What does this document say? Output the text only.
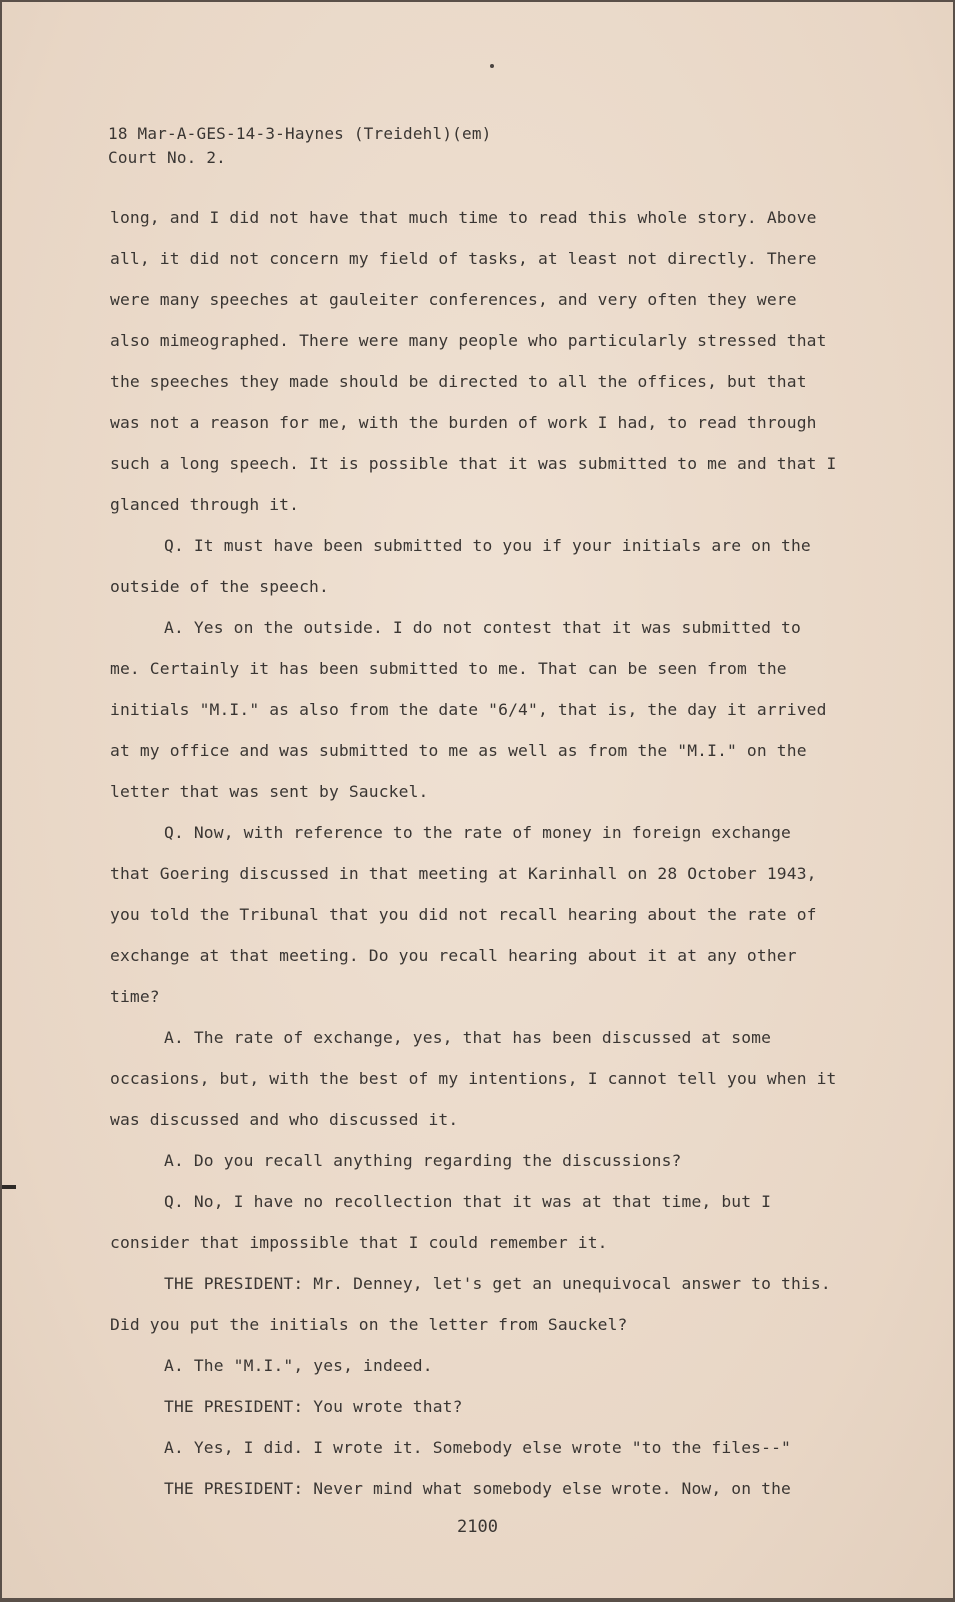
18 Mar-A-GES-14-3-Haynes (Treidehl)(em)
Court No. 2.

long, and I did not have that much time to read this whole story. Above all, it did not concern my field of tasks, at least not directly. There were many speeches at gauleiter conferences, and very often they were also mimeographed. There were many people who particularly stressed that the speeches they made should be directed to all the offices, but that was not a reason for me, with the burden of work I had, to read through such a long speech. It is possible that it was submitted to me and that I glanced through it.

Q. It must have been submitted to you if your initials are on the outside of the speech.

A. Yes on the outside. I do not contest that it was submitted to me. Certainly it has been submitted to me. That can be seen from the initials "M.I." as also from the date "6/4", that is, the day it arrived at my office and was submitted to me as well as from the "M.I." on the letter that was sent by Sauckel.

Q. Now, with reference to the rate of money in foreign exchange that Goering discussed in that meeting at Karinhall on 28 October 1943, you told the Tribunal that you did not recall hearing about the rate of exchange at that meeting. Do you recall hearing about it at any other time?

A. The rate of exchange, yes, that has been discussed at some occasions, but, with the best of my intentions, I cannot tell you when it was discussed and who discussed it.

A. Do you recall anything regarding the discussions?

Q. No, I have no recollection that it was at that time, but I consider that impossible that I could remember it.

THE PRESIDENT: Mr. Denney, let's get an unequivocal answer to this. Did you put the initials on the letter from Sauckel?

A. The "M.I.", yes, indeed.

THE PRESIDENT: You wrote that?

A. Yes, I did. I wrote it. Somebody else wrote "to the files--"

THE PRESIDENT: Never mind what somebody else wrote. Now, on the

2100
